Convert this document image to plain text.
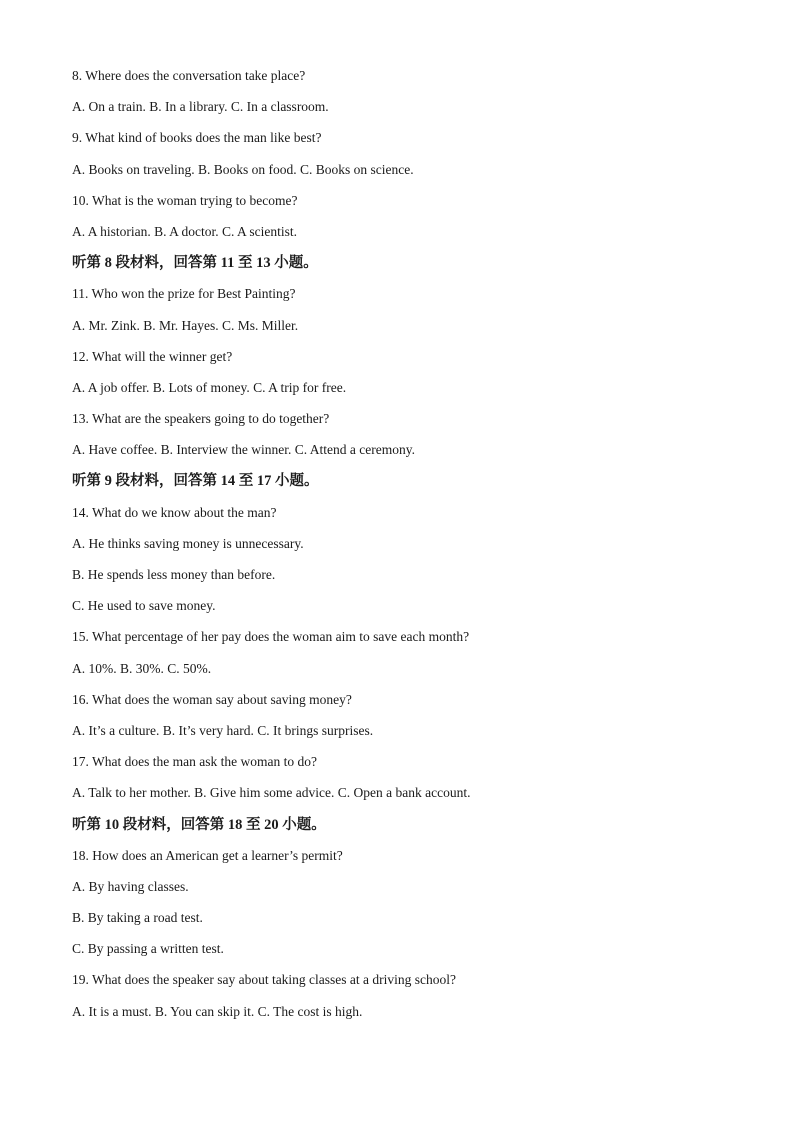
8. Where does the conversation take place?
A. On a train. B. In a library. C. In a classroom.
9. What kind of books does the man like best?
A. Books on traveling. B. Books on food. C. Books on science.
10. What is the woman trying to become?
A. A historian. B. A doctor. C. A scientist.
听第 8 段材料，回答第 11 至 13 小题。
11. Who won the prize for Best Painting?
A. Mr. Zink. B. Mr. Hayes. C. Ms. Miller.
12. What will the winner get?
A. A job offer. B. Lots of money. C. A trip for free.
13. What are the speakers going to do together?
A. Have coffee. B. Interview the winner. C. Attend a ceremony.
听第 9 段材料，回答第 14 至 17 小题。
14. What do we know about the man?
A. He thinks saving money is unnecessary.
B. He spends less money than before.
C. He used to save money.
15. What percentage of her pay does the woman aim to save each month?
A. 10%. B. 30%. C. 50%.
16. What does the woman say about saving money?
A. It’s a culture. B. It’s very hard. C. It brings surprises.
17. What does the man ask the woman to do?
A. Talk to her mother. B. Give him some advice. C. Open a bank account.
听第 10 段材料，回答第 18 至 20 小题。
18. How does an American get a learner’s permit?
A. By having classes.
B. By taking a road test.
C. By passing a written test.
19. What does the speaker say about taking classes at a driving school?
A. It is a must. B. You can skip it. C. The cost is high.
